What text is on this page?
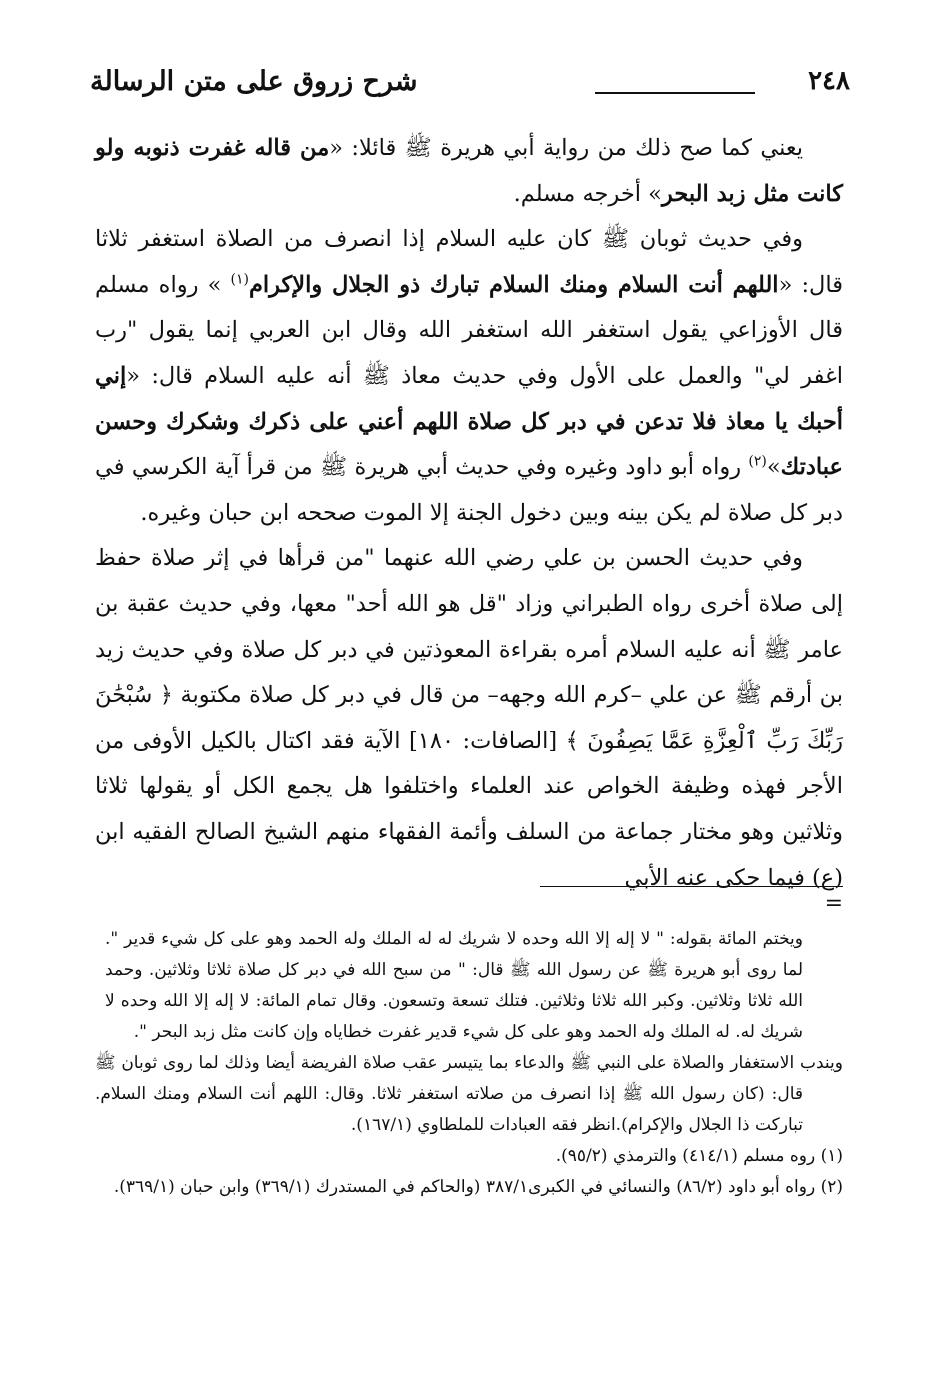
٢٤٨
شرح زروق على متن الرسالة

يعني كما صح ذلك من رواية أبي هريرة ﷺ قائلا: «من قاله غفرت ذنوبه ولو كانت مثل زبد البحر» أخرجه مسلم.

وفي حديث ثوبان ﷺ كان عليه السلام إذا انصرف من الصلاة استغفر ثلاثا قال: «اللهم أنت السلام ومنك السلام تبارك ذو الجلال والإكرام$^{(١)}$ » رواه مسلم قال الأوزاعي يقول استغفر الله استغفر الله وقال ابن العربي إنما يقول "رب اغفر لي" والعمل على الأول وفي حديث معاذ ﷺ أنه عليه السلام قال: «إني أحبك يا معاذ فلا تدعن في دبر كل صلاة اللهم أعني على ذكرك وشكرك وحسن عبادتك»$^{(٢)}$ رواه أبو داود وغيره وفي حديث أبي هريرة ﷺ من قرأ آية الكرسي في دبر كل صلاة لم يكن بينه وبين دخول الجنة إلا الموت صححه ابن حبان وغيره.

وفي حديث الحسن بن علي رضي الله عنهما "من قرأها في إثر صلاة حفظ إلى صلاة أخرى رواه الطبراني وزاد "قل هو الله أحد" معها، وفي حديث عقبة بن عامر ﷺ أنه عليه السلام أمره بقراءة المعوذتين في دبر كل صلاة وفي حديث زيد بن أرقم ﷺ عن علي –كرم الله وجهه– من قال في دبر كل صلاة مكتوبة ﴿ سُبْحَٰنَ رَبِّكَ رَبِّ ٱلْعِزَّةِ عَمَّا يَصِفُونَ ﴾ [الصافات: ١٨٠] الآية فقد اكتال بالكيل الأوفى من الأجر فهذه وظيفة الخواص عند العلماء واختلفوا هل يجمع الكل أو يقولها ثلاثا وثلاثين وهو مختار جماعة من السلف وأئمة الفقهاء منهم الشيخ الصالح الفقيه ابن (ع) فيما حكى عنه الأبي

=

ويختم المائة بقوله: " لا إله إلا الله وحده لا شريك له له الملك وله الحمد وهو على كل شيء قدير ". لما روى أبو هريرة ﷺ عن رسول الله ﷺ قال: " من سبح الله في دبر كل صلاة ثلاثا وثلاثين. وحمد الله ثلاثا وثلاثين. وكبر الله ثلاثا وثلاثين. فتلك تسعة وتسعون. وقال تمام المائة: لا إله إلا الله وحده لا شريك له. له الملك وله الحمد وهو على كل شيء قدير غفرت خطاياه وإن كانت مثل زبد البحر ".

ويندب الاستغفار والصلاة على النبي ﷺ والدعاء بما يتيسر عقب صلاة الفريضة أيضا وذلك لما روى ثوبان ﷺ قال: (كان رسول الله ﷺ إذا انصرف من صلاته استغفر ثلاثا. وقال: اللهم أنت السلام ومنك السلام. تباركت ذا الجلال والإكرام).انظر فقه العبادات للملطاوي (١٦٧/١).

(١) روه مسلم (٤١٤/١) والترمذي (٩٥/٢).

(٢) رواه أبو داود (٨٦/٢) والنسائي في الكبرى٣٨٧/١ (والحاكم في المستدرك (٣٦٩/١) وابن حبان (٣٦٩/١).
